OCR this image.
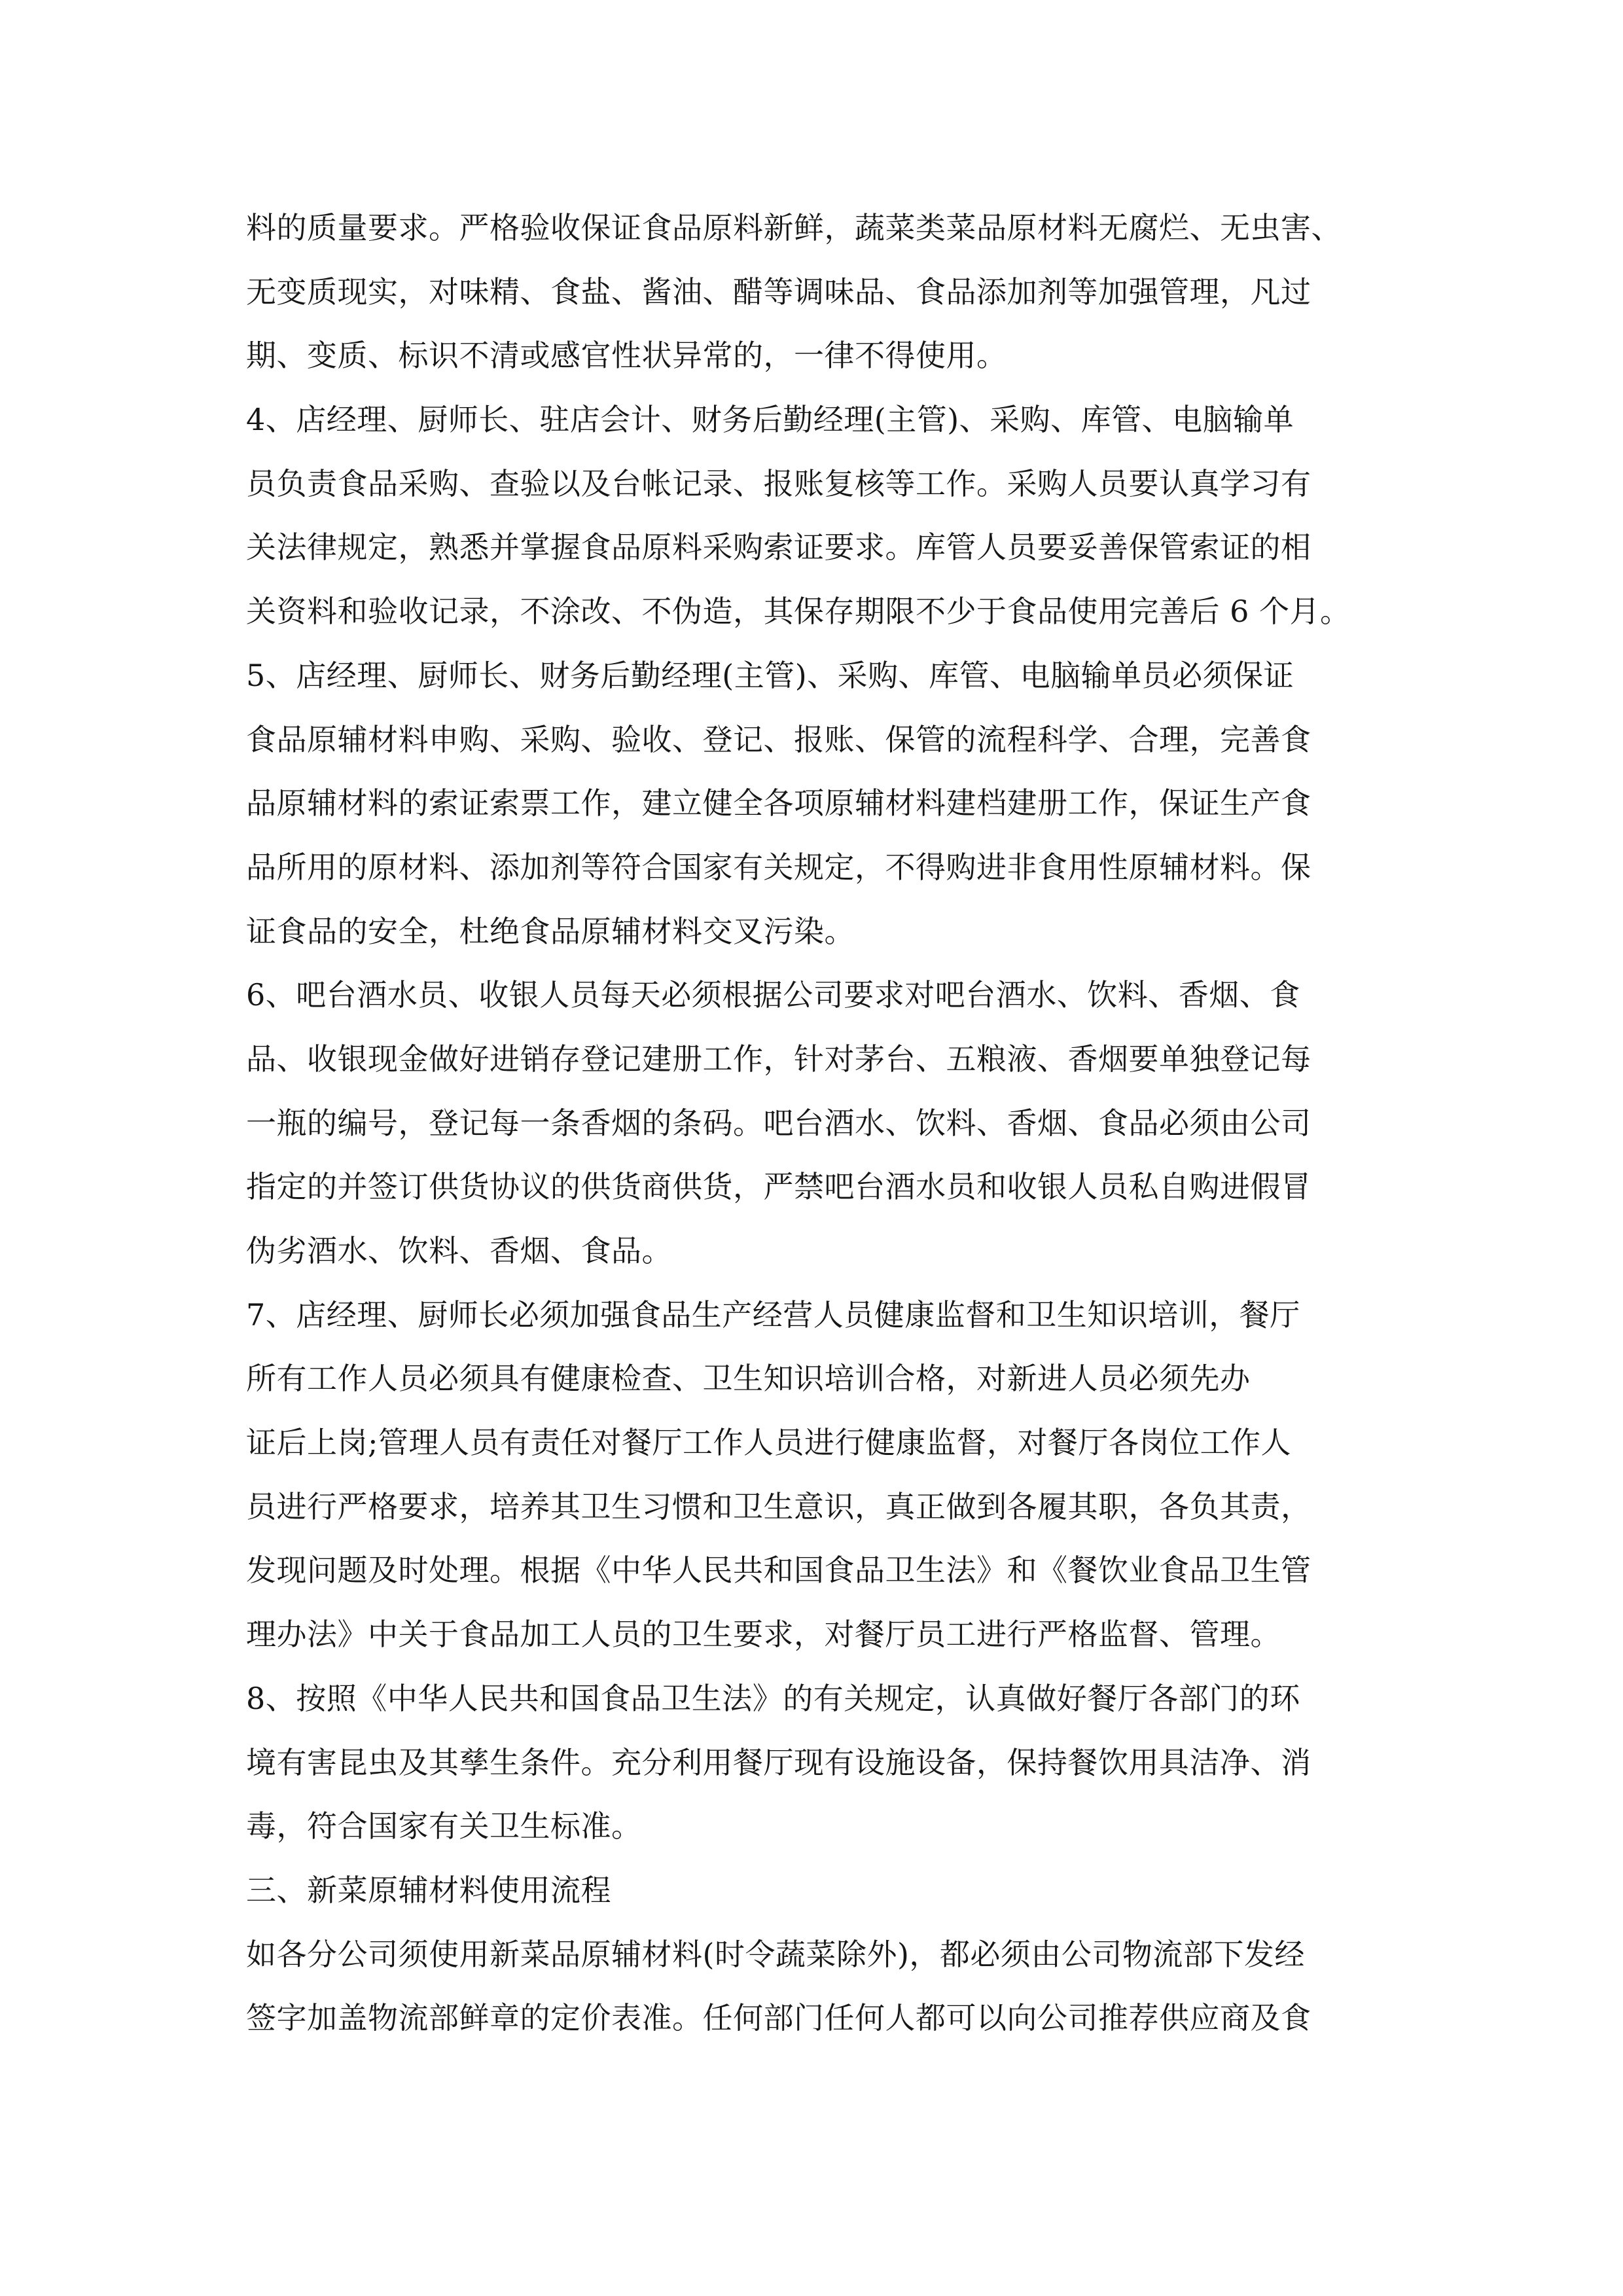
料的质量要求。严格验收保证食品原料新鲜，蔬菜类菜品原材料无腐烂、无虫害、
无变质现实，对味精、食盐、酱油、醋等调味品、食品添加剂等加强管理，凡过
期、变质、标识不清或感官性状异常的，一律不得使用。
4、店经理、厨师长、驻店会计、财务后勤经理(主管)、采购、库管、电脑输单
员负责食品采购、查验以及台帐记录、报账复核等工作。采购人员要认真学习有
关法律规定，熟悉并掌握食品原料采购索证要求。库管人员要妥善保管索证的相
关资料和验收记录，不涂改、不伪造，其保存期限不少于食品使用完善后 6 个月。
5、店经理、厨师长、财务后勤经理(主管)、采购、库管、电脑输单员必须保证
食品原辅材料申购、采购、验收、登记、报账、保管的流程科学、合理，完善食
品原辅材料的索证索票工作，建立健全各项原辅材料建档建册工作，保证生产食
品所用的原材料、添加剂等符合国家有关规定，不得购进非食用性原辅材料。保
证食品的安全，杜绝食品原辅材料交叉污染。
6、吧台酒水员、收银人员每天必须根据公司要求对吧台酒水、饮料、香烟、食
品、收银现金做好进销存登记建册工作，针对茅台、五粮液、香烟要单独登记每
一瓶的编号，登记每一条香烟的条码。吧台酒水、饮料、香烟、食品必须由公司
指定的并签订供货协议的供货商供货，严禁吧台酒水员和收银人员私自购进假冒
伪劣酒水、饮料、香烟、食品。
7、店经理、厨师长必须加强食品生产经营人员健康监督和卫生知识培训，餐厅
所有工作人员必须具有健康检查、卫生知识培训合格，对新进人员必须先办
证后上岗;管理人员有责任对餐厅工作人员进行健康监督，对餐厅各岗位工作人
员进行严格要求，培养其卫生习惯和卫生意识，真正做到各履其职，各负其责，
发现问题及时处理。根据《中华人民共和国食品卫生法》和《餐饮业食品卫生管
理办法》中关于食品加工人员的卫生要求，对餐厅员工进行严格监督、管理。
8、按照《中华人民共和国食品卫生法》的有关规定，认真做好餐厅各部门的环
境有害昆虫及其孳生条件。充分利用餐厅现有设施设备，保持餐饮用具洁净、消
毒，符合国家有关卫生标准。
三、新菜原辅材料使用流程
如各分公司须使用新菜品原辅材料(时令蔬菜除外)，都必须由公司物流部下发经
签字加盖物流部鲜章的定价表准。任何部门任何人都可以向公司推荐供应商及食
